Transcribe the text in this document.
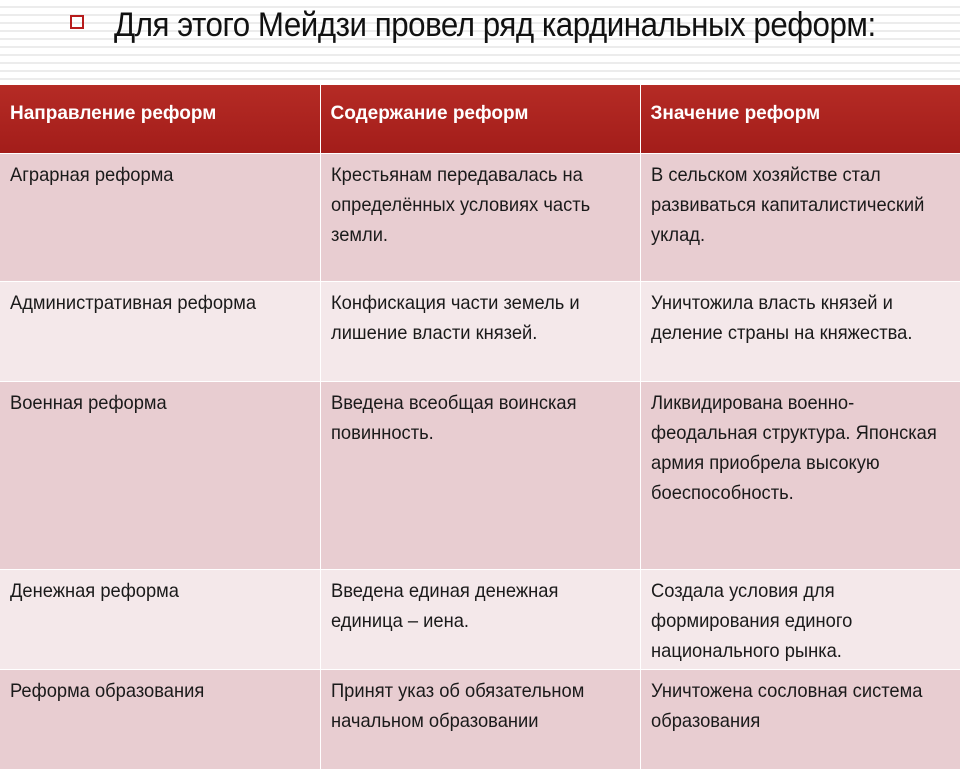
Для этого Мейдзи провел ряд кардинальных реформ:
Направление реформ	Содержание реформ	Значение реформ

Аграрная реформа	Крестьянам передавалась на определённых условиях часть земли.	В сельском хозяйстве стал развиваться капиталистический уклад.

Административная реформа	Конфискация части земель и лишение власти князей.	Уничтожила власть князей и деление страны на княжества.

Военная реформа	Введена всеобщая воинская повинность.	Ликвидирована военно-феодальная структура. Японская армия приобрела высокую боеспособность.

Денежная реформа	Введена единая денежная единица – иена.	Создала условия для формирования единого национального рынка.

Реформа образования	Принят указ об обязательном начальном образовании	Уничтожена сословная система образования
